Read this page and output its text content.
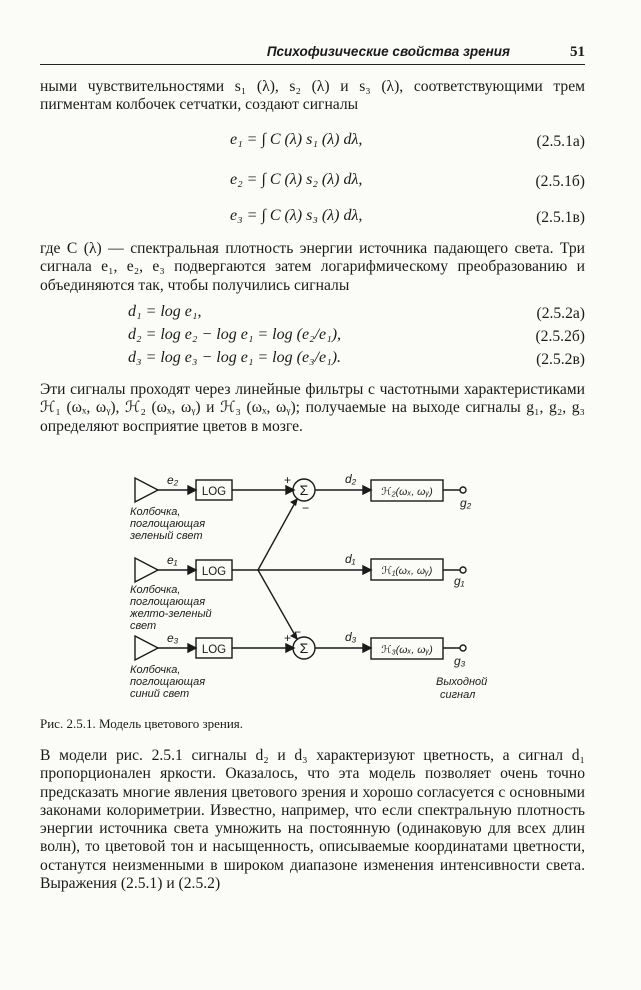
Психофизические свойства зрения	51

ными чувствительностями s₁ (λ), s₂ (λ) и s₃ (λ), соответствующими трем пигментам колбочек сетчатки, создают сигналы

e₁ = ∫ C (λ) s₁ (λ) dλ,	(2.5.1a)
e₂ = ∫ C (λ) s₂ (λ) dλ,	(2.5.1б)
e₃ = ∫ C (λ) s₃ (λ) dλ,	(2.5.1в)

где C (λ) — спектральная плотность энергии источника падающего света. Три сигнала e₁, e₂, e₃ подвергаются затем логарифмическому преобразованию и объединяются так, чтобы получились сигналы

d₁ = log e₁,	(2.5.2a)
d₂ = log e₂ − log e₁ = log (e₂/e₁),	(2.5.2б)
d₃ = log e₃ − log e₁ = log (e₃/e₁).	(2.5.2в)

Эти сигналы проходят через линейные фильтры с частотными характеристиками ℋ₁ (ωₓ, ωᵧ), ℋ₂ (ωₓ, ωᵧ) и ℋ₃ (ωₓ, ωᵧ); получаемые на выходе сигналы g₁, g₂, g₃ определяют восприятие цветов в мозге.

e₂
e₁
e₃
LOG
LOG
LOG
Σ
Σ
+
+
−
−
d₂
d₁
d₃
ℋ₂(ωₓ, ωᵧ)
ℋ₁(ωₓ, ωᵧ)
ℋ₃(ωₓ, ωᵧ)
g₂
g₁
g₃
Колбочка,
поглощающая
зеленый свет
Колбочка,
поглощающая
желто-зеленый
свет
Колбочка,
поглощающая
синий свет
Выходной
сигнал
Рис. 2.5.1. Модель цветового зрения.

В модели рис. 2.5.1 сигналы d₂ и d₃ характеризуют цветность, а сигнал d₁ пропорционален яркости. Оказалось, что эта модель позволяет очень точно предсказать многие явления цветового зрения и хорошо согласуется с основными законами колориметрии. Известно, например, что если спектральную плотность энергии источника света умножить на постоянную (одинаковую для всех длин волн), то цветовой тон и насыщенность, описываемые координатами цветности, останутся неизменными в широком диапазоне изменения интенсивности света. Выражения (2.5.1) и (2.5.2)
